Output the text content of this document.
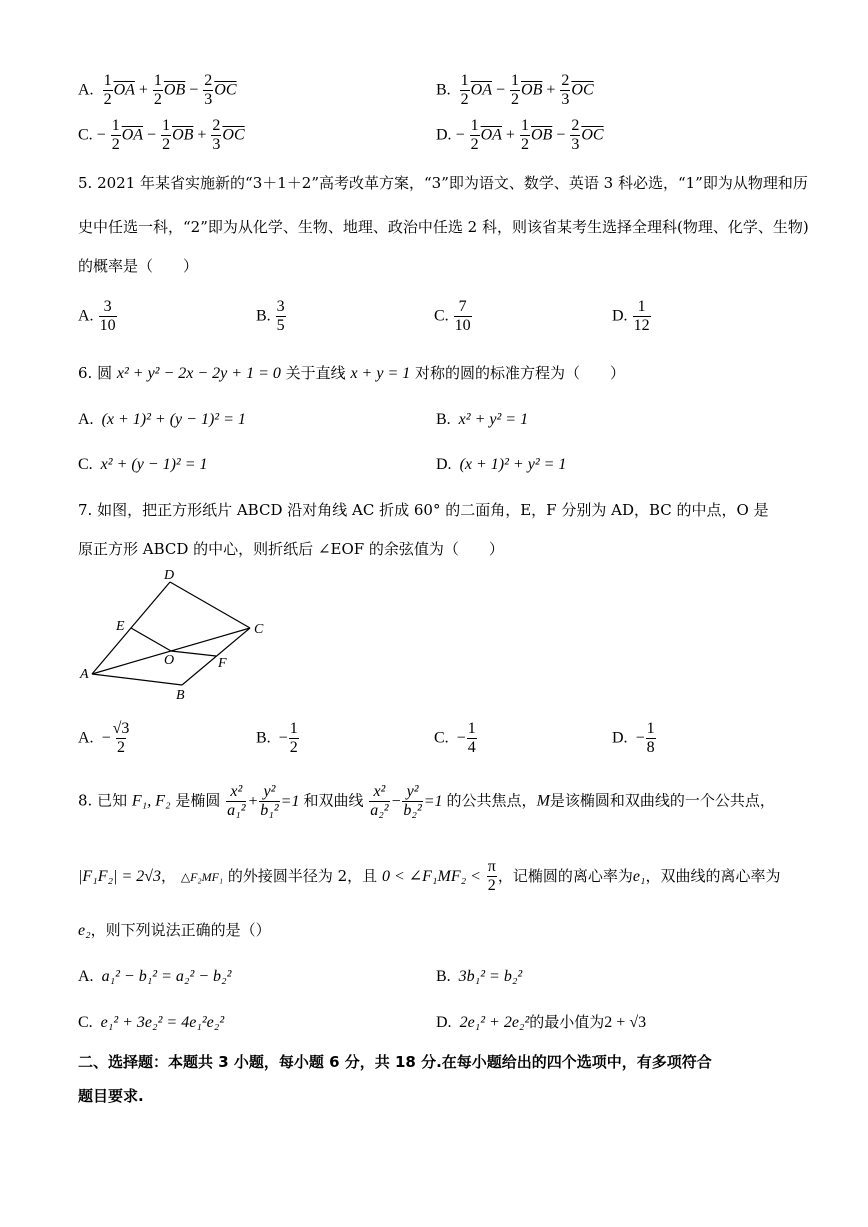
A. $\frac{1}{2} \overline{OA} + \frac{1}{2} \overline{OB} - \frac{2}{3} \overline{OC}$	B. $\frac{1}{2} \overline{OA} - \frac{1}{2} \overline{OB} + \frac{2}{3} \overline{OC}$
C. − $\frac{1}{2} \overline{OA} - \frac{1}{2} \overline{OB} + \frac{2}{3} \overline{OC}$	D. − $\frac{1}{2} \overline{OA} + \frac{1}{2} \overline{OB} - \frac{2}{3} \overline{OC}$
5. 2021 年某省实施新的“3＋1＋2”高考改革方案，“3”即为语文、数学、英语 3 科必选，“1”即为从物理和历
史中任选一科，“2”即为从化学、生物、地理、政治中任选 2 科，则该省某考生选择全理科(物理、化学、生物)
的概率是（　　）
A. $\frac{3}{10}$	B. $\frac{3}{5}$	C. $\frac{7}{10}$	D. $\frac{1}{12}$
6. 圆 x² + y² − 2x − 2y + 1 = 0 关于直线 x + y = 1 对称的圆的标准方程为（　　）
A. (x + 1)² + (y − 1)² = 1	B. x² + y² = 1
C. x² + (y − 1)² = 1	D. (x + 1)² + y² = 1
7. 如图，把正方形纸片 ABCD 沿对角线 AC 折成 60° 的二面角，E，F 分别为 AD，BC 的中点，O 是
原正方形 ABCD 的中心，则折纸后 ∠EOF 的余弦值为（　　）
D
E	C
O	F
A
B
A. − $\frac{√3}{2}$	B. − $\frac{1}{2}$	C. − $\frac{1}{4}$	D. − $\frac{1}{8}$
8. 已知 F₁, F₂ 是椭圆 $\frac{\text{x²}}{\text{a₁²}} + \frac{\text{y²}}{\text{b₁²}} =1$ 和双曲线 $\frac{\text{x²}}{\text{a₂²}} - \frac{\text{y²}}{\text{b₂²}} =1$ 的公共焦点，M是该椭圆和双曲线的一个公共点，
|F₁F₂| = 2√3， △F₂MF₁ 的外接圆半径为 2，且 0 < ∠F₁MF₂ < $\frac{\pi}{2}$ ，记椭圆的离心率为e₁，双曲线的离心率为
e₂，则下列说法正确的是（）
A. a₁² − b₁² = a₂² − b₂²	B. 3b₁² = b₂²
C. e₁² + 3e₂² = 4e₁²e₂²	D. 2e₁² + 2e₂²的最小值为2 + √3
二、选择题：本题共 3 小题，每小题 6 分，共 18 分.在每小题给出的四个选项中，有多项符合
题目要求.
